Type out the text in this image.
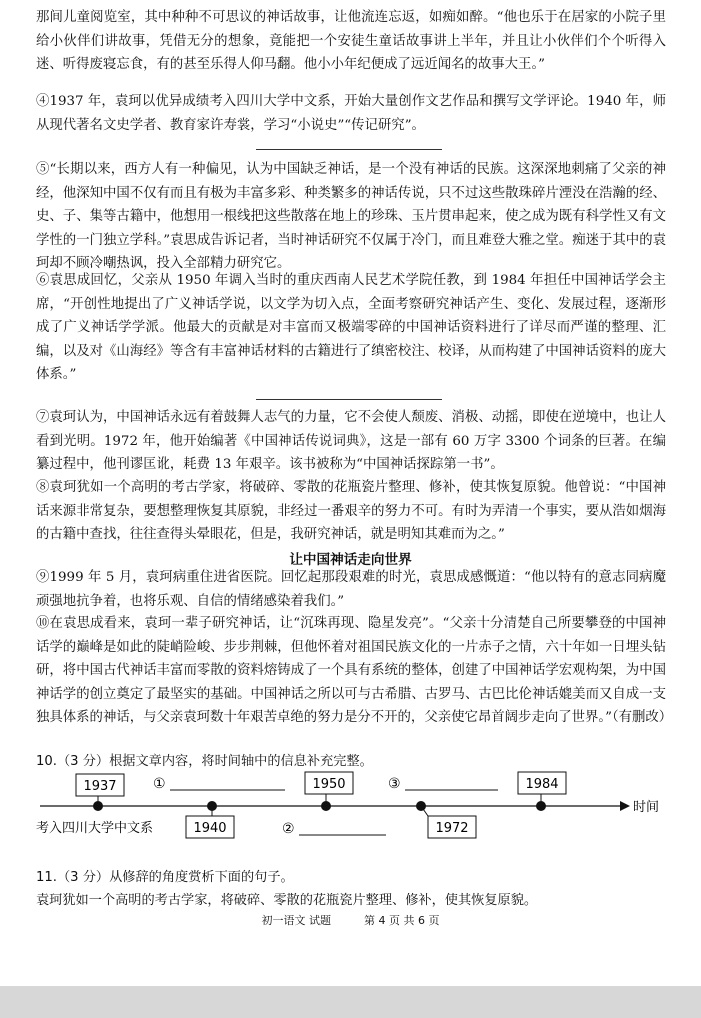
那间儿童阅览室，其中种种不可思议的神话故事，让他流连忘返，如痴如醉。“他也乐于在居家的小院子里给小伙伴们讲故事，凭借无分的想象，竟能把一个安徒生童话故事讲上半年，并且让小伙伴们个个听得入迷、听得废寝忘食，有的甚至乐得人仰马翻。他小小年纪便成了远近闻名的故事大王。”

④1937 年，袁珂以优异成绩考入四川大学中文系，开始大量创作文艺作品和撰写文学评论。1940 年，师从现代著名文史学者、教育家许寿裳，学习“小说史”“传记研究”。

⑤“长期以来，西方人有一种偏见，认为中国缺乏神话，是一个没有神话的民族。这深深地刺痛了父亲的神经，他深知中国不仅有而且有极为丰富多彩、种类繁多的神话传说，只不过这些散珠碎片湮没在浩瀚的经、史、子、集等古籍中，他想用一根线把这些散落在地上的珍珠、玉片贯串起来，使之成为既有科学性又有文学性的一门独立学科。”袁思成告诉记者，当时神话研究不仅属于冷门，而且难登大雅之堂。痴迷于其中的袁珂却不顾冷嘲热讽，投入全部精力研究它。

⑥袁思成回忆，父亲从 1950 年调入当时的重庆西南人民艺术学院任教，到 1984 年担任中国神话学会主席，“开创性地提出了广义神话学说，以文学为切入点，全面考察研究神话产生、变化、发展过程，逐渐形成了广义神话学学派。他最大的贡献是对丰富而又极端零碎的中国神话资料进行了详尽而严谨的整理、汇编，以及对《山海经》等含有丰富神话材料的古籍进行了缜密校注、校译，从而构建了中国神话资料的庞大体系。”

⑦袁珂认为，中国神话永远有着鼓舞人志气的力量，它不会使人颓废、消极、动摇，即使在逆境中，也让人看到光明。1972 年，他开始编著《中国神话传说词典》，这是一部有 60 万字 3300 个词条的巨著。在编纂过程中，他刊谬匡讹，耗费 13 年艰辛。该书被称为“中国神话探踪第一书”。

⑧袁珂犹如一个高明的考古学家，将破碎、零散的花瓶瓷片整理、修补，使其恢复原貌。他曾说：“中国神话来源非常复杂，要想整理恢复其原貌，非经过一番艰辛的努力不可。有时为弄清一个事实，要从浩如烟海的古籍中查找，往往查得头晕眼花，但是，我研究神话，就是明知其难而为之。”

让中国神话走向世界

⑨1999 年 5 月，袁珂病重住进省医院。回忆起那段艰难的时光，袁思成感慨道：“他以特有的意志同病魔顽强地抗争着，也将乐观、自信的情绪感染着我们。”

⑩在袁思成看来，袁珂一辈子研究神话，让“沉珠再现、隐星发亮”。“父亲十分清楚自己所要攀登的中国神话学的巅峰是如此的陡峭险峻、步步荆棘，但他怀着对祖国民族文化的一片赤子之情，六十年如一日埋头钻研，将中国古代神话丰富而零散的资料熔铸成了一个具有系统的整体，创建了中国神话学宏观构架，为中国神话学的创立奠定了最坚实的基础。中国神话之所以可与古希腊、古罗马、古巴比伦神话媲美而又自成一支独具体系的神话，与父亲袁珂数十年艰苦卓绝的努力是分不开的，父亲使它昂首阔步走向了世界。”（有删改）

10.（3 分）根据文章内容，将时间轴中的信息补充完整。
时间
1937	1950	1984
1940	1972
①	③
②
考入四川大学中文系
11.（3 分）从修辞的角度赏析下面的句子。
袁珂犹如一个高明的考古学家，将破碎、零散的花瓶瓷片整理、修补，使其恢复原貌。
初一语文 试题	第 4 页 共 6 页
